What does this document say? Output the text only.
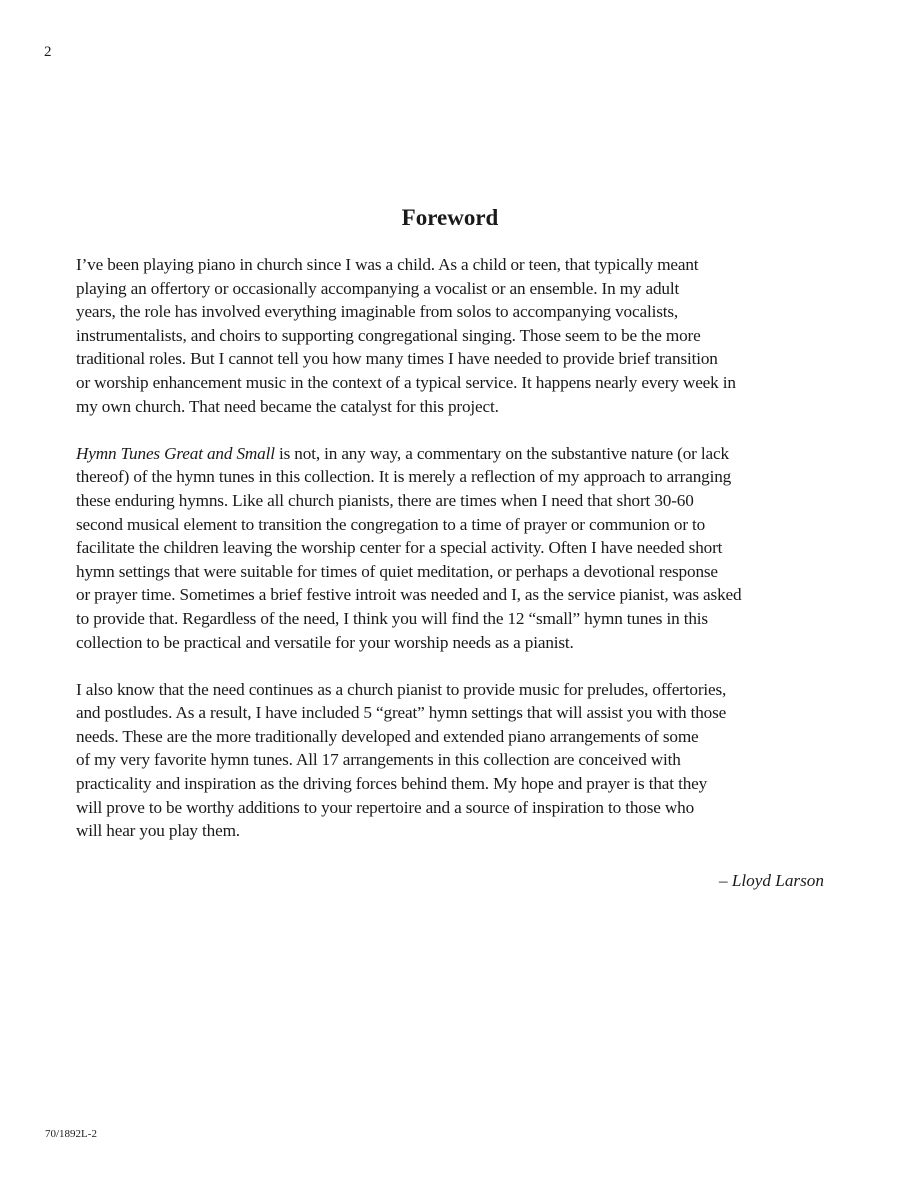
2
Foreword

I’ve been playing piano in church since I was a child. As a child or teen, that typically meant
playing an offertory or occasionally accompanying a vocalist or an ensemble. In my adult
years, the role has involved everything imaginable from solos to accompanying vocalists,
instrumentalists, and choirs to supporting congregational singing. Those seem to be the more
traditional roles. But I cannot tell you how many times I have needed to provide brief transition
or worship enhancement music in the context of a typical service. It happens nearly every week in
my own church. That need became the catalyst for this project.

Hymn Tunes Great and Small is not, in any way, a commentary on the substantive nature (or lack
thereof) of the hymn tunes in this collection. It is merely a reflection of my approach to arranging
these enduring hymns. Like all church pianists, there are times when I need that short 30-60
second musical element to transition the congregation to a time of prayer or communion or to
facilitate the children leaving the worship center for a special activity. Often I have needed short
hymn settings that were suitable for times of quiet meditation, or perhaps a devotional response
or prayer time. Sometimes a brief festive introit was needed and I, as the service pianist, was asked
to provide that. Regardless of the need, I think you will find the 12 “small” hymn tunes in this
collection to be practical and versatile for your worship needs as a pianist.

I also know that the need continues as a church pianist to provide music for preludes, offertories,
and postludes. As a result, I have included 5 “great” hymn settings that will assist you with those
needs. These are the more traditionally developed and extended piano arrangements of some
of my very favorite hymn tunes. All 17 arrangements in this collection are conceived with
practicality and inspiration as the driving forces behind them. My hope and prayer is that they
will prove to be worthy additions to your repertoire and a source of inspiration to those who
will hear you play them.

– Lloyd Larson
70/1892L-2
